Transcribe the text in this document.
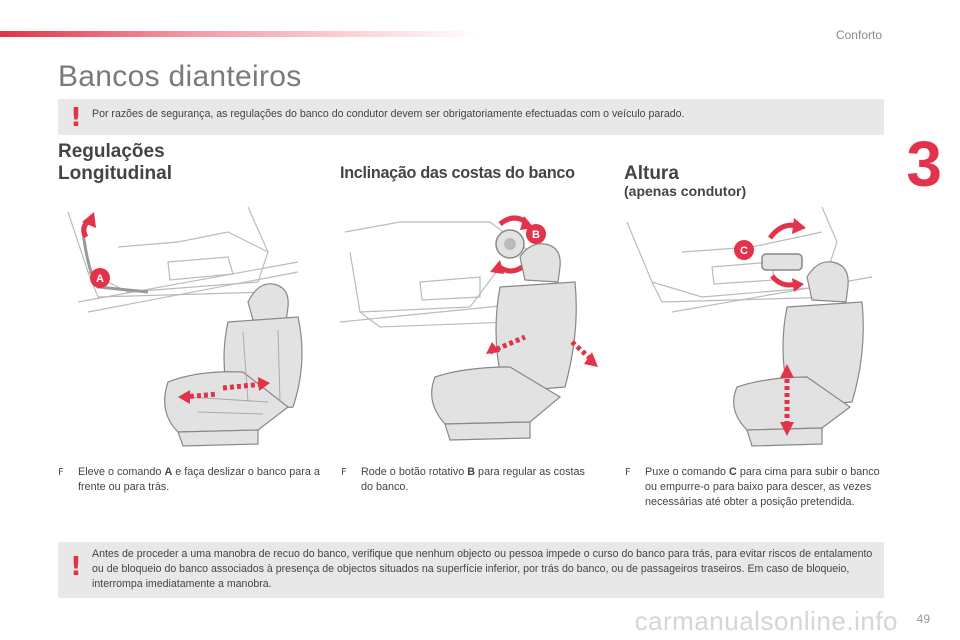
Conforto
3
Bancos dianteiros
! Por razões de segurança, as regulações do banco do condutor devem ser obrigatoriamente efectuadas com o veículo parado.
Regulações
Longitudinal	Inclinação das costas do banco	Altura
(apenas condutor)
A
B
C
F Eleve o comando A e faça deslizar o banco para a frente ou para trás.
F Rode o botão rotativo B para regular as costas do banco.
F Puxe o comando C para cima para subir o banco ou empurre-o para baixo para descer, as vezes necessárias até obter a posição pretendida.
! Antes de proceder a uma manobra de recuo do banco, verifique que nenhum objecto ou pessoa impede o curso do banco para trás, para evitar riscos de entalamento ou de bloqueio do banco associados à presença de objectos situados na superfície inferior, por trás do banco, ou de passageiros traseiros. Em caso de bloqueio, interrompa imediatamente a manobra.
carmanualsonline.info 49
